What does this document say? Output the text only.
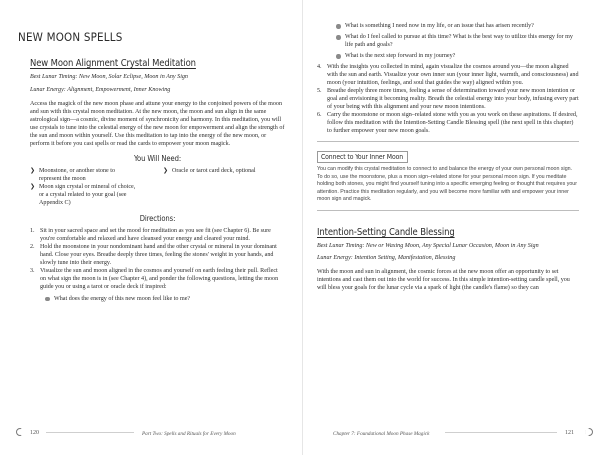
NEW MOON SPELLS
New Moon Alignment Crystal Meditation

Best Lunar Timing: New Moon, Solar Eclipse, Moon in Any Sign

Lunar Energy: Alignment, Empowerment, Inner Knowing

Access the magick of the new moon phase and attune your energy to the conjoined powers of the moon and sun with this crystal moon meditation. At the new moon, the moon and sun align in the same astrological sign—a cosmic, divine moment of synchronicity and harmony. In this meditation, you will use crystals to tune into the celestial energy of the new moon for empowerment and align the strength of the sun and moon within yourself. Use this meditation to tap into the energy of the new moon, or perform it before you cast spells or read the cards to empower your moon magick.

You Will Need:
❯ Moonstone, or another stone to represent the moon
❯ Moon sign crystal or mineral of choice, or a crystal related to your goal (see Appendix C)
❯ Oracle or tarot card deck, optional
Directions:
1. Sit in your sacred space and set the mood for meditation as you see fit (see Chapter 6). Be sure you're comfortable and relaxed and have cleansed your energy and cleared your mind.
2. Hold the moonstone in your nondominant hand and the other crystal or mineral in your dominant hand. Close your eyes. Breathe deeply three times, feeling the stones' weight in your hands, and slowly tune into their energy.
3. Visualize the sun and moon aligned in the cosmos and yourself on earth feeling their pull. Reflect on what sign the moon is in (see Chapter 4), and ponder the following questions, letting the moon guide you or using a tarot or oracle deck if inspired:
What does the energy of this new moon feel like to me?
120	Part Two: Spells and Rituals for Every Moon
What is something I need now in my life, or an issue that has arisen recently?
What do I feel called to pursue at this time? What is the best way to utilize this energy for my life path and goals?
What is the next step forward in my journey?
4. With the insights you collected in mind, again visualize the cosmos around you—the moon aligned with the sun and earth. Visualize your own inner sun (your inner light, warmth, and consciousness) and moon (your intuition, feelings, and soul that guides the way) aligned within you.
5. Breathe deeply three more times, feeling a sense of determination toward your new moon intention or goal and envisioning it becoming reality. Breath the celestial energy into your body, infusing every part of your being with this alignment and your new moon intentions.
6. Carry the moonstone or moon sign–related stone with you as you work on these aspirations. If desired, follow this meditation with the Intention-Setting Candle Blessing spell (the next spell in this chapter) to further empower your new moon goals.
Connect to Your Inner Moon
You can modify this crystal meditation to connect to and balance the energy of your own personal moon sign. To do so, use the moonstone, plus a moon sign–related stone for your personal moon sign. If you meditate holding both stones, you might find yourself tuning into a specific emerging feeling or thought that requires your attention. Practice this meditation regularly, and you will become more familiar with and empower your inner moon sign and magick.
Intention-Setting Candle Blessing

Best Lunar Timing: New or Waxing Moon, Any Special Lunar Occasion, Moon in Any Sign

Lunar Energy: Intention Setting, Manifestation, Blessing

With the moon and sun in alignment, the cosmic forces at the new moon offer an opportunity to set intentions and cast them out into the world for success. In this simple intention-setting candle spell, you will bless your goals for the lunar cycle via a spark of light (the candle's flame) so they can

Chapter 7: Foundational Moon Phase Magick	121
